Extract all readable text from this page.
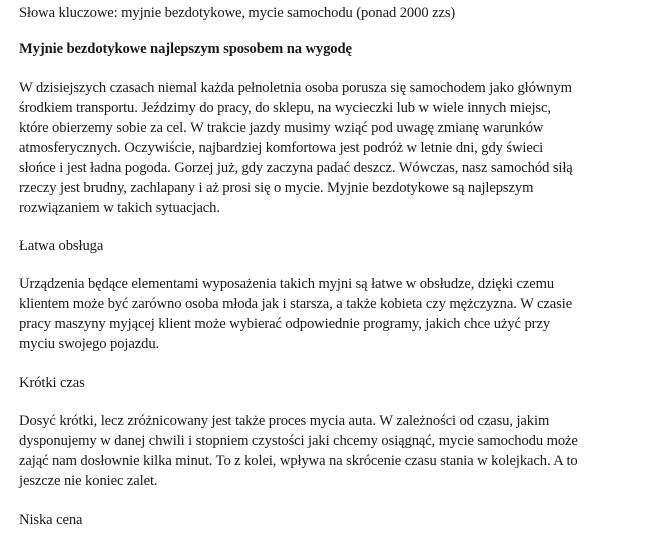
Słowa kluczowe: myjnie bezdotykowe, mycie samochodu (ponad 2000 zzs)
Myjnie bezdotykowe najlepszym sposobem na wygodę
W dzisiejszych czasach niemal każda pełnoletnia osoba porusza się samochodem jako głównym
środkiem transportu. Jeździmy do pracy, do sklepu, na wycieczki lub w wiele innych miejsc,
które obierzemy sobie za cel. W trakcie jazdy musimy wziąć pod uwagę zmianę warunków
atmosferycznych. Oczywiście, najbardziej komfortowa jest podróż w letnie dni, gdy świeci
słońce i jest ładna pogoda. Gorzej już, gdy zaczyna padać deszcz. Wówczas, nasz samochód siłą
rzeczy jest brudny, zachlapany i aż prosi się o mycie. Myjnie bezdotykowe są najlepszym
rozwiązaniem w takich sytuacjach.
Łatwa obsługa
Urządzenia będące elementami wyposażenia takich myjni są łatwe w obsłudze, dzięki czemu
klientem może być zarówno osoba młoda jak i starsza, a także kobieta czy mężczyzna. W czasie
pracy maszyny myjącej klient może wybierać odpowiednie programy, jakich chce użyć przy
myciu swojego pojazdu.
Krótki czas
Dosyć krótki, lecz zróżnicowany jest także proces mycia auta. W zależności od czasu, jakim
dysponujemy w danej chwili i stopniem czystości jaki chcemy osiągnąć, mycie samochodu może
zająć nam dosłownie kilka minut. To z kolei, wpływa na skrócenie czasu stania w kolejkach. A to
jeszcze nie koniec zalet.
Niska cena
